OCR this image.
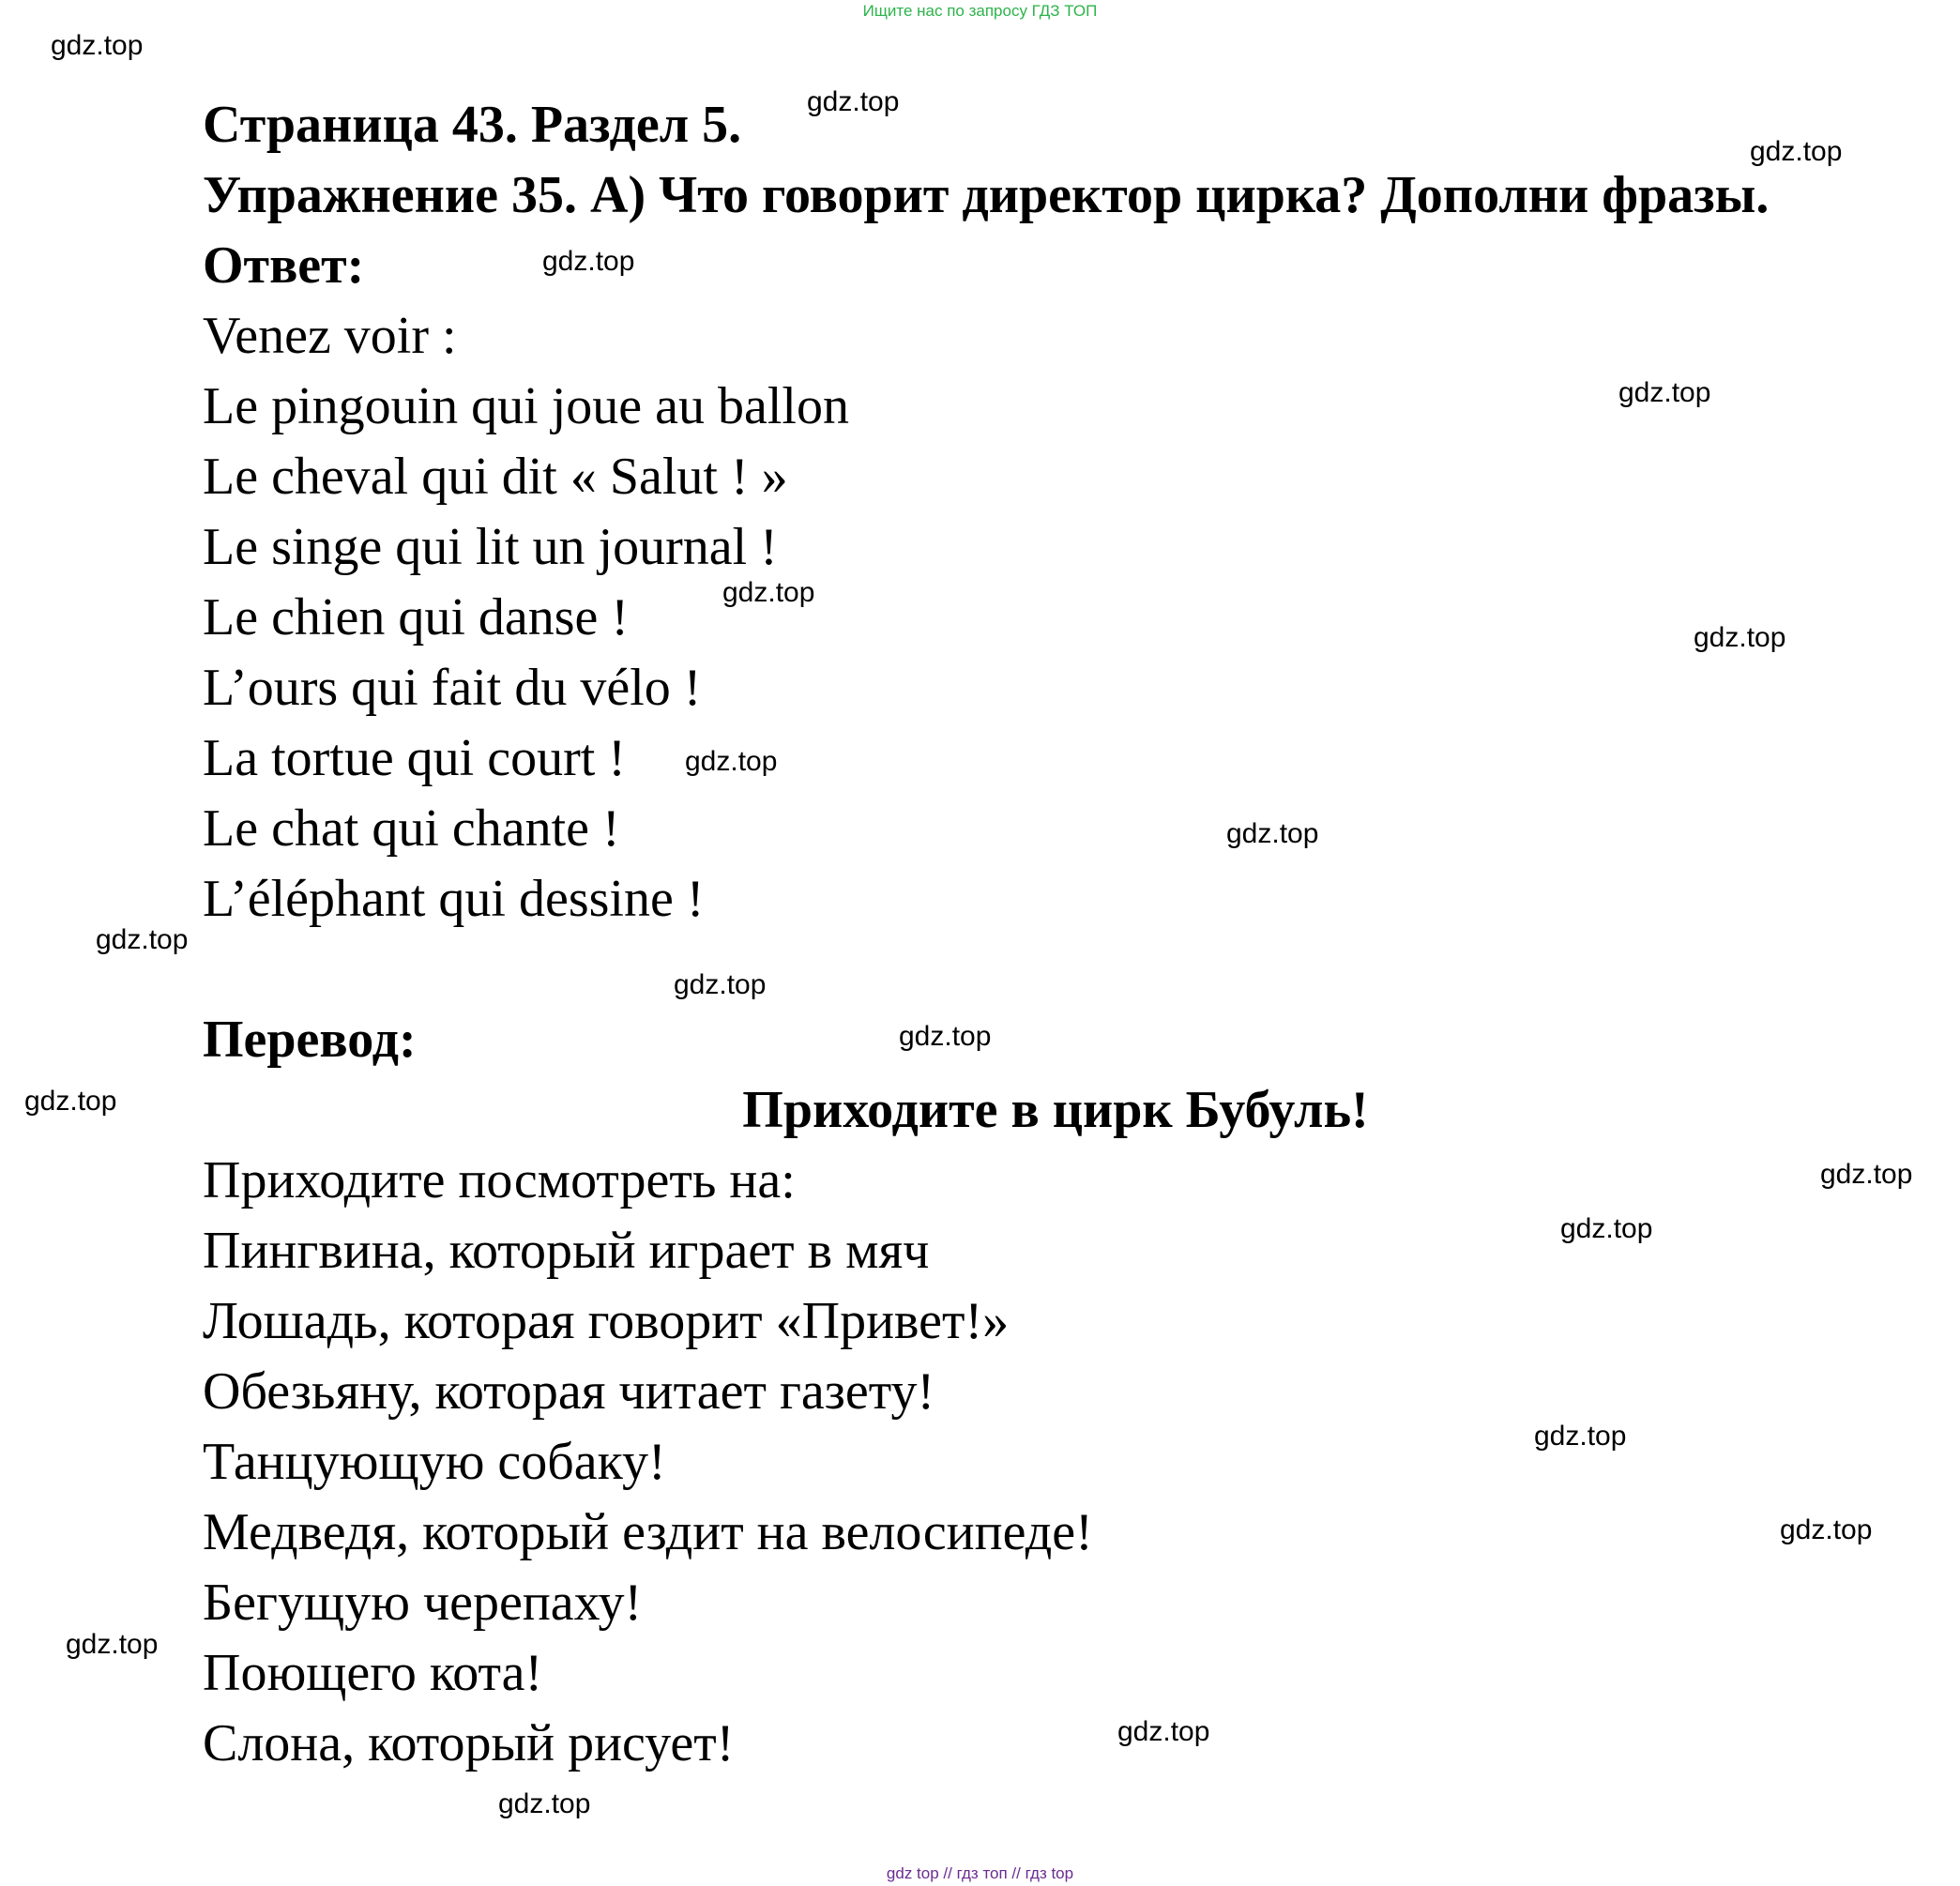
Ищите нас по запросу ГДЗ ТОП

Страница 43. Раздел 5.

Упражнение 35. А) Что говорит директор цирка? Дополни фразы.

Ответ:

Venez voir :

Le pingouin qui joue au ballon

Le cheval qui dit « Salut ! »

Le singe qui lit un journal !

Le chien qui danse !

L’ours qui fait du vélo !

La tortue qui court !

Le chat qui chante !

L’éléphant qui dessine !

Перевод:

Приходите в цирк Бубуль!

Приходите посмотреть на:

Пингвина, который играет в мяч

Лошадь, которая говорит «Привет!»

Обезьяну, которая читает газету!

Танцующую собаку!

Медведя, который ездит на велосипеде!

Бегущую черепаху!

Поющего кота!

Слона, который рисует!

gdz.top
gdz.top
gdz.top
gdz.top
gdz.top
gdz.top
gdz.top
gdz.top
gdz.top
gdz.top
gdz.top
gdz.top
gdz.top
gdz.top
gdz.top
gdz.top
gdz.top
gdz.top
gdz.top
gdz.top
gdz top // гдз топ // гдз top
